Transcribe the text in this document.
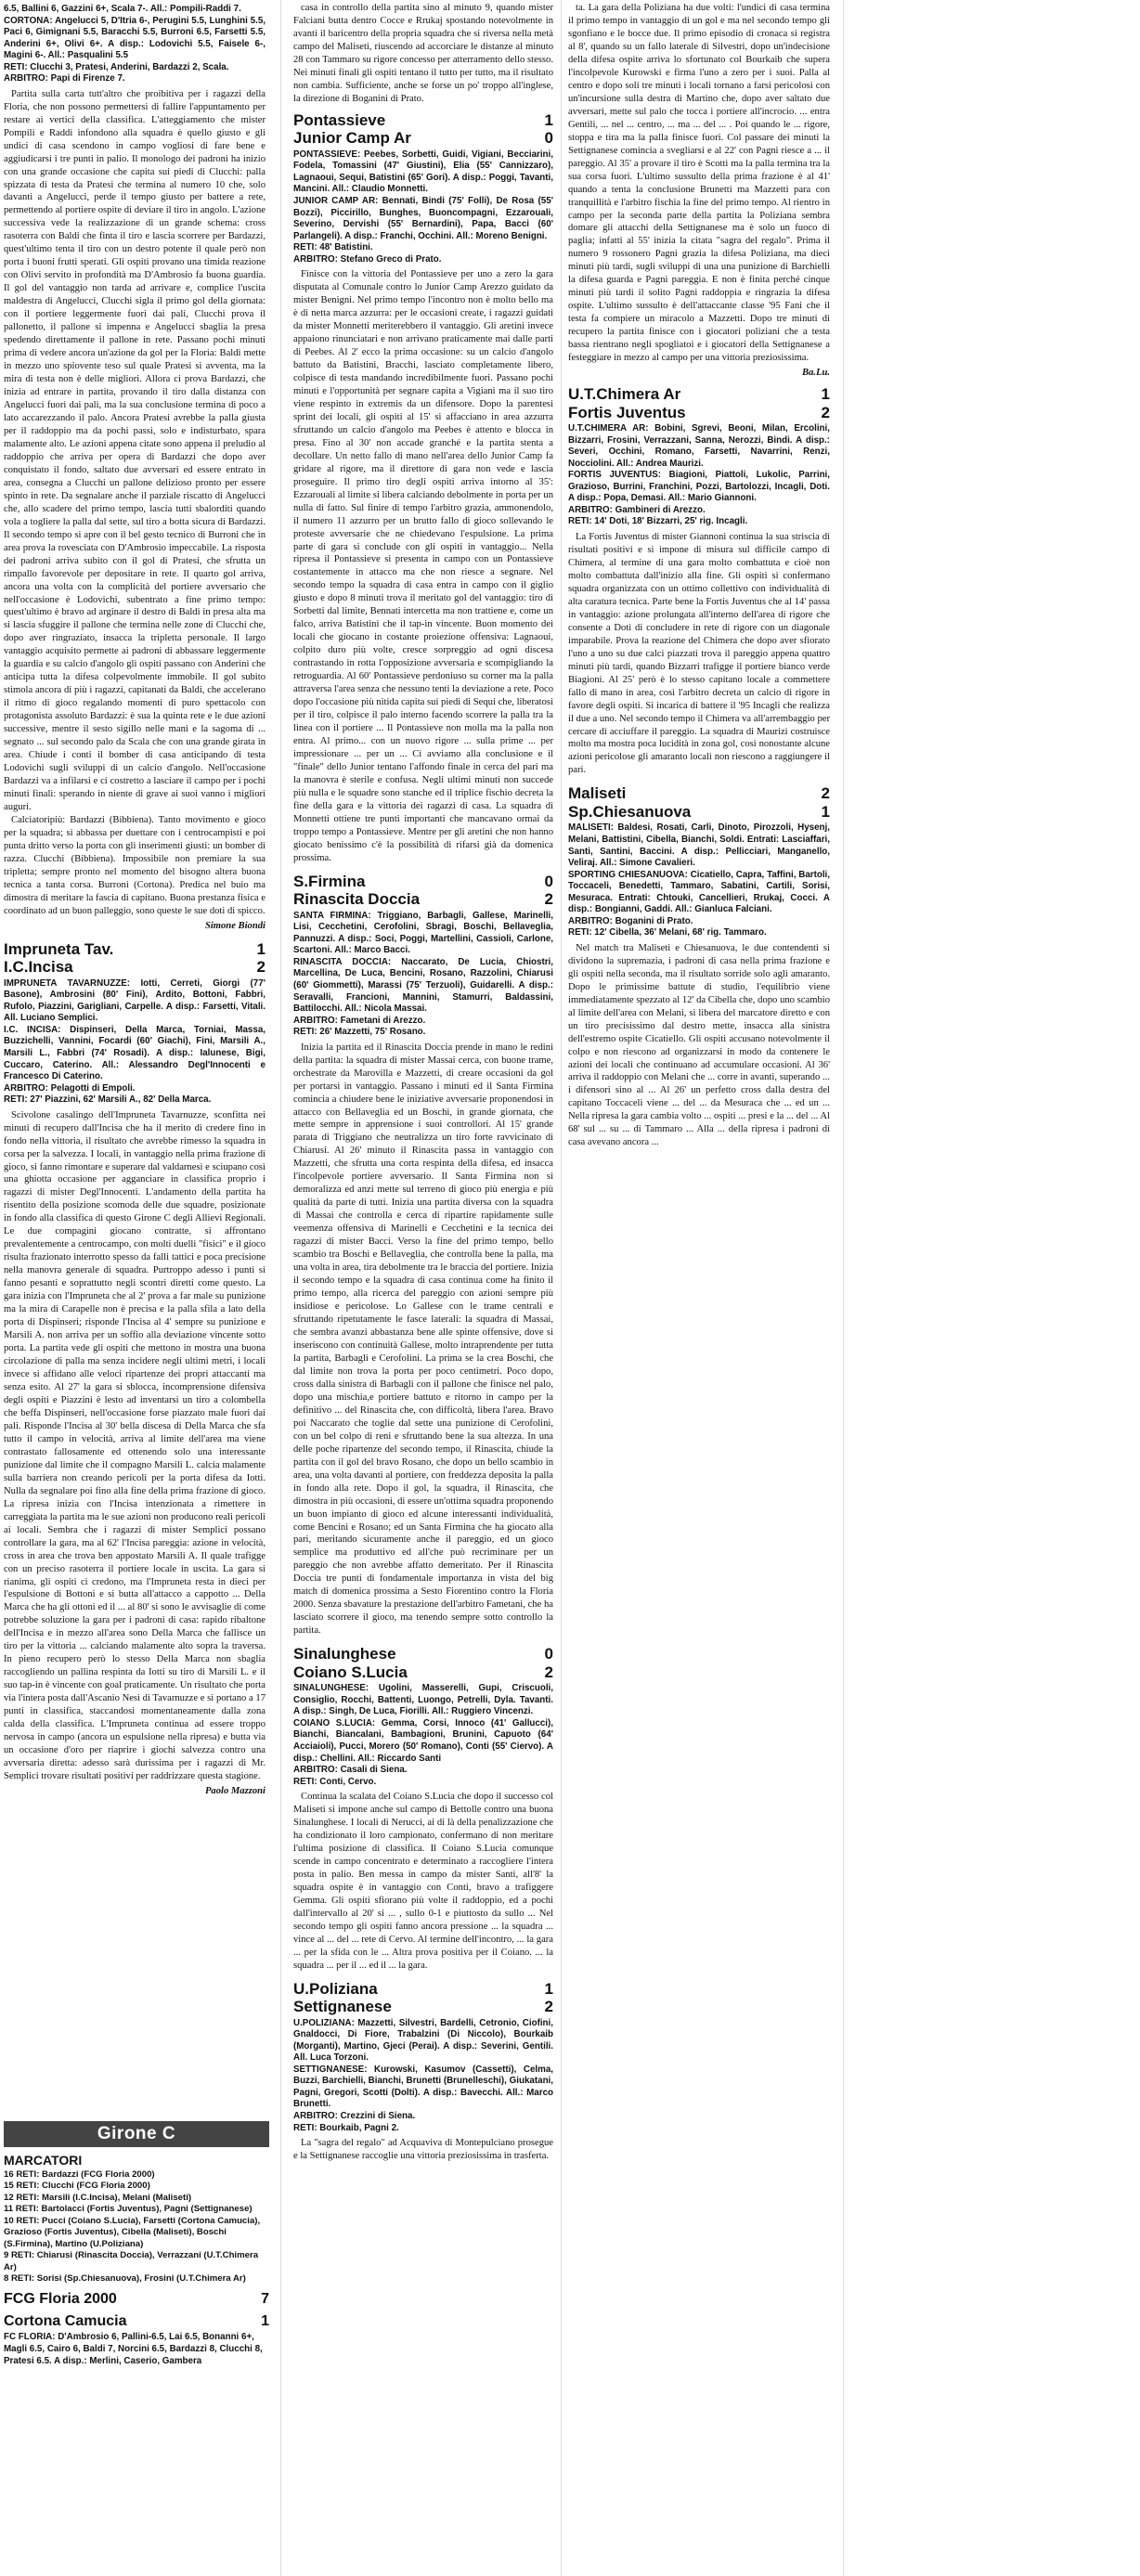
6.5, Ballini 6, Gazzini 6+, Scala 7-. All.: Pompili-Raddi 7.

CORTONA: Angelucci 5, D'Itria 6-, Perugini 5.5, Lunghini 5.5, Paci 6, Gimignani 5.5, Baracchi 5.5, Burroni 6.5, Farsetti 5.5, Anderini 6+, Olivi 6+. A disp.: Lodovichi 5.5, Faisele 6-, Magini 6-. All.: Pasqualini 5.5

RETI: Clucchi 3, Pratesi, Anderini, Bardazzi 2, Scala.

ARBITRO: Papi di Firenze 7.

Partita sulla carta tutt'altro che proibitiva per i ragazzi della Floria, che non possono permettersi di fallire l'appuntamento per restare ai vertici della classifica. L'atteggiamento che mister Pompili e Raddi infondono alla squadra è quello giusto e gli undici di casa scendono in campo vogliosi di fare bene e aggiudicarsi i tre punti in palio. Il monologo dei padroni ha inizio con una grande occasione che capita sui piedi di Clucchi: palla spizzata di testa da Pratesi che termina al numero 10 che, solo davanti a Angelucci, perde il tempo giusto per battere a rete, permettendo al portiere ospite di deviare il tiro in angolo. L'azione successiva vede la realizzazione di un grande schema: cross rasoterra con Baldi che finta il tiro e lascia scorrere per Bardazzi, quest'ultimo tenta il tiro con un destro potente il quale però non porta i buoni frutti sperati. Gli ospiti provano una timida reazione con Olivi servito in profondità ma D'Ambrosio fa buona guardia. Il gol del vantaggio non tarda ad arrivare e, complice l'uscita maldestra di Angelucci, Clucchi sigla il primo gol della giornata: con il portiere leggermente fuori dai pali, Clucchi prova il pallonetto, il pallone si impenna e Angelucci sbaglia la presa spedendo direttamente il pallone in rete. Passano pochi minuti prima di vedere ancora un'azione da gol per la Floria: Baldi mette in mezzo uno spiovente teso sul quale Pratesi si avventa, ma la mira di testa non è delle migliori. Allora ci prova Bardazzi, che inizia ad entrare in partita, provando il tiro dalla distanza con Angelucci fuori dai pali, ma la sua conclusione termina di poco a lato accarezzando il palo. Ancora Pratesi avrebbe la palla giusta per il raddoppio ma da pochi passi, solo e indisturbato, spara malamente alto. Le azioni appena citate sono appena il preludio al raddoppio che arriva per opera di Bardazzi che dopo aver conquistato il fondo, saltato due avversari ed essere entrato in area, consegna a Clucchi un pallone delizioso pronto per essere spinto in rete. Da segnalare anche il parziale riscatto di Angelucci che, allo scadere del primo tempo, lascia tutti sbalorditi quando vola a togliere la palla dal sette, sul tiro a botta sicura di Bardazzi. Il secondo tempo si apre con il bel gesto tecnico di Burroni che in area prova la rovesciata con D'Ambrosio impeccabile. La risposta dei padroni arriva subito con il gol di Pratesi, che sfrutta un rimpallo favorevole per depositare in rete. Il quarto gol arriva, ancora una volta con la complicità del portiere avversario che nell'occasione è Lodovichi, subentrato a fine primo tempo: quest'ultimo è bravo ad arginare il destro di Baldi in presa alta ma si lascia sfuggire il pallone che termina nelle zone di Clucchi che, dopo aver ringraziato, insacca la tripletta personale. Il largo vantaggio acquisito permette ai padroni di abbassare leggermente la guardia e su calcio d'angolo gli ospiti passano con Anderini che anticipa tutta la difesa colpevolmente immobile. Il gol subito stimola ancora di più i ragazzi, capitanati da Baldi, che accelerano il ritmo di gioco regalando momenti di puro spettacolo con protagonista assoluto Bardazzi: è sua la quinta rete e le due azioni successive, mentre il sesto sigillo nelle mani e la sagoma di ... segnato ... sul secondo palo da Scala che con una grande girata in area. Chiude i conti il bomber di casa anticipando di testa Lodovichi sugli sviluppi di un calcio d'angolo. Nell'occasione Bardazzi va a infilarsi e ci costretto a lasciare il campo per i pochi minuti finali: sperando in niente di grave ai suoi vanno i migliori auguri.

Calciatoripiù: Bardazzi (Bibbiena). Tanto movimento e gioco per la squadra; si abbassa per duettare con i centrocampisti e poi punta dritto verso la porta con gli inserimenti giusti: un bomber di razza. Clucchi (Bibbiena). Impossibile non premiare la sua tripletta; sempre pronto nel momento del bisogno altera buona tecnica a tanta corsa. Burroni (Cortona). Predica nel buio ma dimostra di meritare la fascia di capitano. Buona prestanza fisica e coordinato ad un buon palleggio, sono queste le sue doti di spicco.

Simone Biondi
Impruneta Tav.	1
I.C.Incisa	2

IMPRUNETA TAVARNUZZE: Iotti, Cerreti, Giorgi (77' Basone), Ambrosini (80' Fini), Ardito, Bottoni, Fabbri, Rufolo, Piazzini, Garigliani, Carpelle. A disp.: Farsetti, Vitali. All. Luciano Semplici.

I.C. INCISA: Dispinseri, Della Marca, Torniai, Massa, Buzzichelli, Vannini, Focardi (60' Giachi), Fini, Marsili A., Marsili L., Fabbri (74' Rosadi). A disp.: Ialunese, Bigi, Cuccaro, Caterino. All.: Alessandro Degl'Innocenti e Francesco Di Caterino.

ARBITRO: Pelagotti di Empoli.

RETI: 27' Piazzini, 62' Marsili A., 82' Della Marca.

Scivolone casalingo dell'Impruneta Tavarnuzze, sconfitta nei minuti di recupero dall'Incisa che ha il merito di credere fino in fondo nella vittoria, il risultato che avrebbe rimesso la squadra in corsa per la salvezza. I locali, in vantaggio nella prima frazione di gioco, si fanno rimontare e superare dal valdarnesi e sciupano così una ghiotta occasione per agganciare in classifica proprio i ragazzi di mister Degl'Innocenti. L'andamento della partita ha risentito della posizione scomoda delle due squadre, posizionate in fondo alla classifica di questo Girone C degli Allievi Regionali. Le due compagini giocano contratte, si affrontano prevalentemente a centrocampo, con molti duelli "fisici" e il gioco risulta frazionato interrotto spesso da falli tattici e poca precisione nella manovra generale di squadra. Purtroppo adesso i punti si fanno pesanti e soprattutto negli scontri diretti come questo. La gara inizia con l'Impruneta che al 2' prova a far male su punizione ma la mira di Carapelle non è precisa e la palla sfila a lato della porta di Dispinseri; risponde l'Incisa al 4' sempre su punizione e Marsili A. non arriva per un soffio alla deviazione vincente sotto porta. La partita vede gli ospiti che mettono in mostra una buona circolazione di palla ma senza incidere negli ultimi metri, i locali invece si affidano alle veloci ripartenze dei propri attaccanti ma senza esito. Al 27' la gara si sblocca, incomprensione difensiva degli ospiti e Piazzini è lesto ad inventarsi un tiro a colombella che beffa Dispinseri, nell'occasione forse piazzato male fuori dai pali. Risponde l'Incisa al 30' bella discesa di Della Marca che sfa tutto il campo in velocità, arriva al limite dell'area ma viene contrastato fallosamente ed ottenendo solo una interessante punizione dal limite che il compagno Marsili L. calcia malamente sulla barriera non creando pericoli per la porta difesa da Iotti. Nulla da segnalare poi fino alla fine della prima frazione di gioco. La ripresa inizia con l'Incisa intenzionata a rimettere in carreggiata la partita ma le sue azioni non producono reali pericoli ai locali. Sembra che i ragazzi di mister Semplici possano controllare la gara, ma al 62' l'Incisa pareggia: azione in velocità, cross in area che trova ben appostato Marsili A. Il quale trafigge con un preciso rasoterra il portiere locale in uscita. La gara si rianima, gli ospiti ci credono, ma l'Impruneta resta in dieci per l'espulsione di Bottoni e si butta all'attacco a cappotto ... Della Marca che ha gli ottoni ed il ... al 80' si sono le avvisaglie di come potrebbe soluzione la gara per i padroni di casa: rapido ribaltone dell'Incisa e in mezzo all'area sono Della Marca che fallisce un tiro per la vittoria ... calciando malamente alto sopra la traversa. In pieno recupero però lo stesso Della Marca non sbaglia raccogliendo un pallina respinta da Iotti su tiro di Marsili L. e il suo tap-in è vincente con goal praticamente. Un risultato che porta via l'intera posta dall'Ascanio Nesi di Tavarnuzze e si portano a 17 punti in classifica, staccandosi momentaneamente dalla zona calda della classifica. L'Impruneta continua ad essere troppo nervosa in campo (ancora un espulsione nella ripresa) e butta via un occasione d'oro per riaprire i giochi salvezza contro una avversaria diretta: adesso sarà durissima per i ragazzi di Mr. Semplici trovare risultati positivi per raddrizzare questa stagione.

Paolo Mazzoni
Girone C
MARCATORI
16 RETI: Bardazzi (FCG Floria 2000)
15 RETI: Clucchi (FCG Floria 2000)
12 RETI: Marsili (I.C.Incisa), Melani (Maliseti)
11 RETI: Bartolacci (Fortis Juventus), Pagni (Settignanese)
10 RETI: Pucci (Coiano S.Lucia), Farsetti (Cortona Camucia), Grazioso (Fortis Juventus), Cibella (Maliseti), Boschi (S.Firmina), Martino (U.Poliziana)
9 RETI: Chiarusi (Rinascita Doccia), Verrazzani (U.T.Chimera Ar)
8 RETI: Sorisi (Sp.Chiesanuova), Frosini (U.T.Chimera Ar)
FCG Floria 2000	7
Cortona Camucia	1
FC FLORIA: D'Ambrosio 6, Pallini-6.5, Lai 6.5, Bonanni 6+, Magli 6.5, Cairo 6, Baldi 7, Norcini 6.5, Bardazzi 8, Clucchi 8, Pratesi 6.5. A disp.: Merlini, Caserio, Gambera

casa in controllo della partita sino al minuto 9, quando mister Falciani butta dentro Cocce e Rrukaj spostando notevolmente in avanti il baricentro della propria squadra che si riversa nella metà campo del Maliseti, riuscendo ad accorciare le distanze al minuto 28 con Tammaro su rigore concesso per atterramento dello stesso. Nei minuti finali gli ospiti tentano il tutto per tutto, ma il risultato non cambia. Sufficiente, anche se forse un po' troppo all'inglese, la direzione di Boganini di Prato.

Pontassieve	1
Junior Camp Ar	0

PONTASSIEVE: Peebes, Sorbetti, Guidi, Vigiani, Becciarini, Fodela, Tomassini (47' Giustini), Elia (55' Cannizzaro), Lagnaoui, Sequi, Batistini (65' Gori). A disp.: Poggi, Tavanti, Mancini. All.: Claudio Monnetti.

JUNIOR CAMP AR: Bennati, Bindi (75' Folli), De Rosa (55' Bozzi), Piccirillo, Bunghes, Buoncompagni, Ezzarouali, Severino, Dervishi (55' Bernardini), Papa, Bacci (60' Parlangeli). A disp.: Franchi, Occhini. All.: Moreno Benigni.

RETI: 48' Batistini.

ARBITRO: Stefano Greco di Prato.

Finisce con la vittoria del Pontassieve per uno a zero la gara disputata al Comunale contro lo Junior Camp Arezzo guidato da mister Benigni. Nel primo tempo l'incontro non è molto bello ma è di netta marca azzurra: per le occasioni create, i ragazzi guidati da mister Monnetti meriterebbero il vantaggio. Gli aretini invece appaiono rinunciatari e non arrivano praticamente mai dalle parti di Peebes. Al 2' ecco la prima occasione: su un calcio d'angolo battuto da Batistini, Bracchi, lasciato completamente libero, colpisce di testa mandando incredibilmente fuori. Passano pochi minuti e l'opportunità per segnare capita a Vigiani ma il suo tiro viene respinto in extremis da un difensore. Dopo la parentesi sprint dei locali, gli ospiti al 15' si affacciano in area azzurra sfruttando un calcio d'angolo ma Peebes è attento e blocca in presa. Fino al 30' non accade granché e la partita stenta a decollare. Un netto fallo di mano nell'area dello Junior Camp fa gridare al rigore, ma il direttore di gara non vede e lascia proseguire. Il primo tiro degli ospiti arriva intorno al 35': Ezzarouali al limite si libera calciando debolmente in porta per un nulla di fatto. Sul finire di tempo l'arbitro grazia, ammonendolo, il numero 11 azzurro per un brutto fallo di gioco sollevando le proteste avversarie che ne chiedevano l'espulsione. La prima parte di gara si conclude con gli ospiti in vantaggio... Nella ripresa il Pontassieve si presenta in campo con un Pontassieve costantemente in attacco ma che non riesce a segnare. Nel secondo tempo la squadra di casa entra in campo con il giglio giusto e dopo 8 minuti trova il meritato gol del vantaggio: tiro di Sorbetti dal limite, Bennati intercetta ma non trattiene e, come un falco, arriva Batistini che il tap-in vincente. Buon momento dei locali che giocano in costante proiezione offensiva: Lagnaoui, colpito duro più volte, cresce sorpreggio ad ogni discesa contrastando in rotta l'opposizione avversaria e scompigliando la retroguardia. Al 60' Pontassieve perdoniuso su corner ma la palla attraversa l'area senza che nessuno tenti la deviazione a rete. Poco dopo l'occasione più nitida capita sui piedi di Sequi che, liberatosi per il tiro, colpisce il palo interno facendo scorrere la palla tra la linea con il portiere ... Il Pontassieve non molla ma la palla non entra. Al primo... con un nuovo rigore ... sulla prime ... per impressionare ... per un ... Ci avviamo alla conclusione e il "finale" dello Junior tentano l'affondo finale in cerca del pari ma la manovra è sterile e confusa. Negli ultimi minuti non succede più nulla e le squadre sono stanche ed il triplice fischio decreta la fine della gara e la vittoria dei ragazzi di casa. La squadra di Monnetti ottiene tre punti importanti che mancavano ormai da troppo tempo a Pontassieve. Mentre per gli aretini che non hanno giocato benissimo c'è la possibilità di rifarsi già da domenica prossima.

S.Firmina	0
Rinascita Doccia	2

SANTA FIRMINA: Triggiano, Barbagli, Gallese, Marinelli, Lisi, Cecchetini, Cerofolini, Sbragi, Boschi, Bellaveglia, Pannuzzi. A disp.: Soci, Poggi, Martellini, Cassioli, Carlone, Scartoni. All.: Marco Bacci.

RINASCITA DOCCIA: Naccarato, De Lucia, Chiostri, Marcellina, De Luca, Bencini, Rosano, Razzolini, Chiarusi (60' Giommetti), Marassi (75' Terzuoli), Guidarelli. A disp.: Seravalli, Francioni, Mannini, Stamurri, Baldassini, Battilocchi. All.: Nicola Massai.

ARBITRO: Fametani di Arezzo.

RETI: 26' Mazzetti, 75' Rosano.

Inizia la partita ed il Rinascita Doccia prende in mano le redini della partita: la squadra di mister Massai cerca, con buone trame, orchestrate da Marovilla e Mazzetti, di creare occasioni da gol per portarsi in vantaggio. Passano i minuti ed il Santa Firmina comincia a chiudere bene le iniziative avversarie proponendosi in attacco con Bellaveglia ed un Boschi, in grande giornata, che mette sempre in apprensione i suoi controllori. Al 15' grande parata di Triggiano che neutralizza un tiro forte ravvicinato di Chiarusi. Al 26' minuto il Rinascita passa in vantaggio con Mazzetti, che sfrutta una corta respinta della difesa, ed insacca l'incolpevole portiere avversario. Il Santa Firmina non si demoralizza ed anzi mette sul terreno di gioco più energia e più qualità da parte di tutti. Inizia una partita diversa con la squadra di Massai che controlla e cerca di ripartire rapidamente sulle veemenza offensiva di Marinelli e Cecchetini e la tecnica dei ragazzi di mister Bacci. Verso la fine del primo tempo, bello scambio tra Boschi e Bellaveglia, che controlla bene la palla, ma una volta in area, tira debolmente tra le braccia del portiere. Inizia il secondo tempo e la squadra di casa continua come ha finito il primo tempo, alla ricerca del pareggio con azioni sempre più insidiose e pericolose. Lo Gallese con le trame centrali e sfruttando ripetutamente le fasce laterali: la squadra di Massai, che sembra avanzi abbastanza bene alle spinte offensive, dove si inseriscono con continuità Gallese, molto intraprendente per tutta la partita, Barbagli e Cerofolini. La prima se la crea Boschi, che dal limite non trova la porta per poco centimetri. Poco dopo, cross dalla sinistra di Barbagli con il pallone che finisce nel palo, dopo una mischia,e portiere battuto e ritorno in campo per la definitivo ... del Rinascita che, con difficoltà, libera l'area. Bravo poi Naccarato che toglie dal sette una punizione di Cerofolini, con un bel colpo di reni e sfruttando bene la sua altezza. In una delle poche ripartenze del secondo tempo, il Rinascita, chiude la partita con il gol del bravo Rosano, che dopo un bello scambio in area, una volta davanti al portiere, con freddezza deposita la palla in fondo alla rete. Dopo il gol, la squadra, il Rinascita, che dimostra in più occasioni, di essere un'ottima squadra proponendo un buon impianto di gioco ed alcune interessanti individualità, come Bencini e Rosano; ed un Santa Firmina che ha giocato alla pari, meritando sicuramente anche il pareggio, ed un gioco semplice ma produttivo ed all'che può recriminare per un pareggio che non avrebbe affatto demeritato. Per il Rinascita Doccia tre punti di fondamentale importanza in vista del big match di domenica prossima a Sesto Fiorentino contro la Floria 2000. Senza sbavature la prestazione dell'arbitro Fametani, che ha lasciato scorrere il gioco, ma tenendo sempre sotto controllo la partita.

Sinalunghese	0
Coiano S.Lucia	2

SINALUNGHESE: Ugolini, Masserelli, Gupi, Criscuoli, Consiglio, Rocchi, Battenti, Luongo, Petrelli, Dyla. Tavanti. A disp.: Singh, De Luca, Fiorilli. All.: Ruggiero Vincenzi.

COIANO S.LUCIA: Gemma, Corsi, Innoco (41' Gallucci), Bianchi, Biancalani, Bambagioni, Brunini, Capuoto (64' Acciaioli), Pucci, Morero (50' Romano), Conti (55' Ciervo). A disp.: Chellini. All.: Riccardo Santi

ARBITRO: Casali di Siena.

RETI: Conti, Cervo.

Continua la scalata del Coiano S.Lucia che dopo il successo col Maliseti si impone anche sul campo di Bettolle contro una buona Sinalunghese. I locali di Nerucci, ai di là della penalizzazione che ha condizionato il loro campionato, confermano di non meritare l'ultima posizione di classifica. Il Coiano S.Lucia comunque scende in campo concentrato e determinato a raccogliere l'intera posta in palio. Ben messa in campo da mister Santi, all'8' la squadra ospite è in vantaggio con Conti, bravo a trafiggere Gemma. Gli ospiti sfiorano più volte il raddoppio, ed a pochi dall'intervallo al 20' si ... , sullo 0-1 e piuttosto da sullo ... Nel secondo tempo gli ospiti fanno ancora pressione ... la squadra ... vince al ... del ... rete di Cervo. Al termine dell'incontro, ... la gara ... per la sfida con le ... Altra prova positiva per il Coiano. ... la squadra ... per il ... ed il ... la gara.

U.Poliziana	1
Settignanese	2

U.POLIZIANA: Mazzetti, Silvestri, Bardelli, Cetronio, Ciofini, Gnaldocci, Di Fiore, Trabalzini (Di Niccolo), Bourkaib (Morganti), Martino, Gjeci (Perai). A disp.: Severini, Gentili. All. Luca Torzoni.

SETTIGNANESE: Kurowski, Kasumov (Cassetti), Celma, Buzzi, Barchielli, Bianchi, Brunetti (Brunelleschi), Giukatani, Pagni, Gregori, Scotti (Dolti). A disp.: Bavecchi. All.: Marco Brunetti.

ARBITRO: Crezzini di Siena.

RETI: Bourkaib, Pagni 2.

La "sagra del regalo" ad Acquaviva di Montepulciano prosegue e la Settignanese raccoglie una vittoria preziosissima in trasferta.

ta. La gara della Poliziana ha due volti: l'undici di casa termina il primo tempo in vantaggio di un gol e ma nel secondo tempo gli sgonfiano e le bocce due. Il primo episodio di cronaca si registra al 8', quando su un fallo laterale di Silvestri, dopo un'indecisione della difesa ospite arriva lo sfortunato col Bourkaib che supera l'incolpevole Kurowski e firma l'uno a zero per i suoi. Palla al centro e dopo soli tre minuti i locali tornano a farsi pericolosi con un'incursione sulla destra di Martino che, dopo aver saltato due avversari, mette sul palo che tocca i portiere all'incrocio. ... entra Gentili, ... nel ... centro, ... ma ... del ... . Poi quando le ... rigore, stoppa e tira ma la palla finisce fuori. Col passare dei minuti la Settignanese comincia a svegliarsi e al 22' con Pagni riesce a ... il pareggio. Al 35' a provare il tiro è Scotti ma la palla termina tra la sua corsa fuori. L'ultimo sussulto della prima frazione è al 41' quando a tenta la conclusione Brunetti ma Mazzetti para con tranquillità e l'arbitro fischia la fine del primo tempo. Al rientro in campo per la seconda parte della partita la Poliziana sembra domare gli attacchi della Settignanese ma è solo un fuoco di paglia; infatti al 55' inizia la citata "sagra del regalo". Prima il numero 9 rossonero Pagni grazia la difesa Poliziana, ma dieci minuti più tardi, sugli sviluppi di una una punizione di Barchielli la difesa guarda e Pagni pareggia. E non è finita perché cinque minuti più tardi il solito Pagni raddoppia e ringrazia la difesa ospite. L'ultimo sussulto è dell'attaccante classe '95 Fani che il testa fa compiere un miracolo a Mazzetti. Dopo tre minuti di recupero la partita finisce con i giocatori poliziani che a testa bassa rientrano negli spogliatoi e i giocatori della Settignanese a festeggiare in mezzo al campo per una vittoria preziosissima.

Ba.Lu.
U.T.Chimera Ar	1
Fortis Juventus	2

U.T.CHIMERA AR: Bobini, Sgrevi, Beoni, Milan, Ercolini, Bizzarri, Frosini, Verrazzani, Sanna, Nerozzi, Bindi. A disp.: Severi, Occhini, Romano, Farsetti, Navarrini, Renzi, Nocciolini. All.: Andrea Maurizi.

FORTIS JUVENTUS: Biagioni, Piattoli, Lukolic, Parrini, Grazioso, Burrini, Franchini, Pozzi, Bartolozzi, Incagli, Doti. A disp.: Popa, Demasi. All.: Mario Giannoni.

ARBITRO: Gambineri di Arezzo.

RETI: 14' Doti, 18' Bizzarri, 25' rig. Incagli.

La Fortis Juventus di mister Giannoni continua la sua striscia di risultati positivi e si impone di misura sul difficile campo di Chimera, al termine di una gara molto combattuta e cioè non molto combattuta dall'inizio alla fine. Gli ospiti si confermano squadra organizzata con un ottimo collettivo con individualità di alta caratura tecnica. Parte bene la Fortis Juventus che al 14' passa in vantaggio: azione prolungata all'interno dell'area di rigore che consente a Doti di concludere in rete di rigore con un diagonale imparabile. Prova la reazione del Chimera che dopo aver sfiorato l'uno a uno su due calci piazzati trova il pareggio appena quattro minuti più tardi, quando Bizzarri trafigge il portiere bianco verde Biagioni. Al 25' però è lo stesso capitano locale a commettere fallo di mano in area, così l'arbitro decreta un calcio di rigore in favore degli ospiti. Si incarica di battere il '95 Incagli che realizza il due a uno. Nel secondo tempo il Chimera va all'arrembaggio per cercare di acciuffare il pareggio. La squadra di Maurizi costruisce molto ma mostra poca lucidità in zona gol, così nonostante alcune azioni pericolose gli amaranto locali non riescono a raggiungere il pari.

Maliseti	2
Sp.Chiesanuova	1

MALISETI: Baldesi, Rosati, Carli, Dinoto, Pirozzoli, Hysenj, Melani, Battistini, Cibella, Bianchi, Soldi. Entrati: Lasciaffari, Santi, Santini, Baccini. A disp.: Pellicciari, Manganello, Veliraj. All.: Simone Cavalieri.

SPORTING CHIESANUOVA: Cicatiello, Capra, Taffini, Bartoli, Toccaceli, Benedetti, Tammaro, Sabatini, Cartili, Sorisi, Mesuraca. Entrati: Chtouki, Cancellieri, Rrukaj, Cocci. A disp.: Bongianni, Gaddi. All.: Gianluca Falciani.

ARBITRO: Boganini di Prato.

RETI: 12' Cibella, 36' Melani, 68' rig. Tammaro.

Nel match tra Maliseti e Chiesanuova, le due contendenti si dividono la supremazia, i padroni di casa nella prima frazione e gli ospiti nella seconda, ma il risultato sorride solo agli amaranto. Dopo le primissime battute di studio, l'equilibrio viene immediatamente spezzato al 12' da Cibella che, dopo uno scambio al limite dell'area con Melani, si libera del marcatore diretto e con un tiro precisissimo dal destro mette, insacca alla sinistra dell'estremo ospite Cicatiello. Gli ospiti accusano notevolmente il colpo e non riescono ad organizzarsi in modo da contenere le azioni dei locali che continuano ad accumulare occasioni. Al 36' arriva il raddoppio con Melani che ... corre in avanti, superando ... i difensori sino al ... Al 26' un perfetto cross dalla destra del capitano Toccaceli viene ... del ... da Mesuraca che ... ed un ... Nella ripresa la gara cambia volto ... ospiti ... presi e la ... del ... Al 68' sul ... su ... di Tammaro ... Alla ... della ripresa i padroni di casa avevano ancora ...
